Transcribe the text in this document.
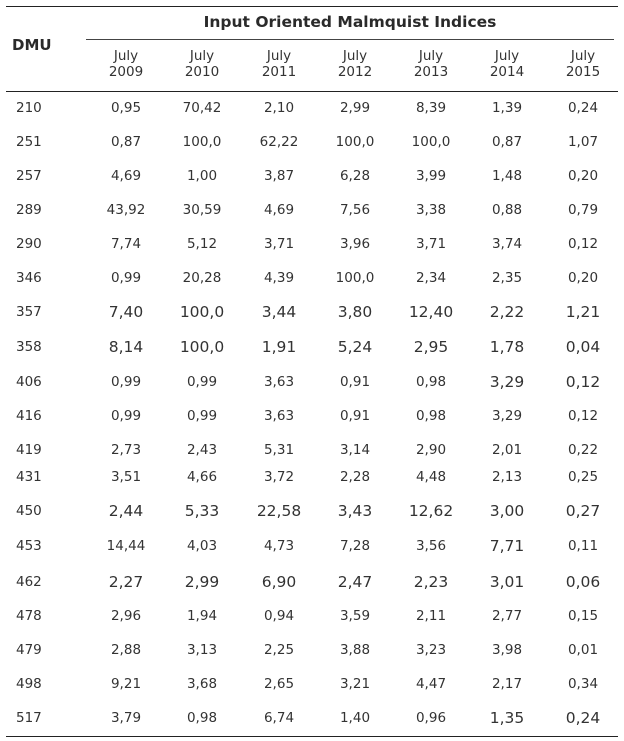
DMU
Input Oriented Malmquist Indices
July
2009
July
2010
July
2011
July
2012
July
2013
July
2014
July
2015
210	0,95	70,42	2,10	2,99	8,39	1,39	0,24
251	0,87	100,0	62,22	100,0	100,0	0,87	1,07
257	4,69	1,00	3,87	6,28	3,99	1,48	0,20
289	43,92	30,59	4,69	7,56	3,38	0,88	0,79
290	7,74	5,12	3,71	3,96	3,71	3,74	0,12
346	0,99	20,28	4,39	100,0	2,34	2,35	0,20
357	7,40	100,0	3,44	3,80	12,40	2,22	1,21
358	8,14	100,0	1,91	5,24	2,95	1,78	0,04
406	0,99	0,99	3,63	0,91	0,98	3,29	0,12
416	0,99	0,99	3,63	0,91	0,98	3,29	0,12
419	2,73	2,43	5,31	3,14	2,90	2,01	0,22
431	3,51	4,66	3,72	2,28	4,48	2,13	0,25
450	2,44	5,33	22,58	3,43	12,62	3,00	0,27
453	14,44	4,03	4,73	7,28	3,56	7,71	0,11
462	2,27	2,99	6,90	2,47	2,23	3,01	0,06
478	2,96	1,94	0,94	3,59	2,11	2,77	0,15
479	2,88	3,13	2,25	3,88	3,23	3,98	0,01
498	9,21	3,68	2,65	3,21	4,47	2,17	0,34
517	3,79	0,98	6,74	1,40	0,96	1,35	0,24
